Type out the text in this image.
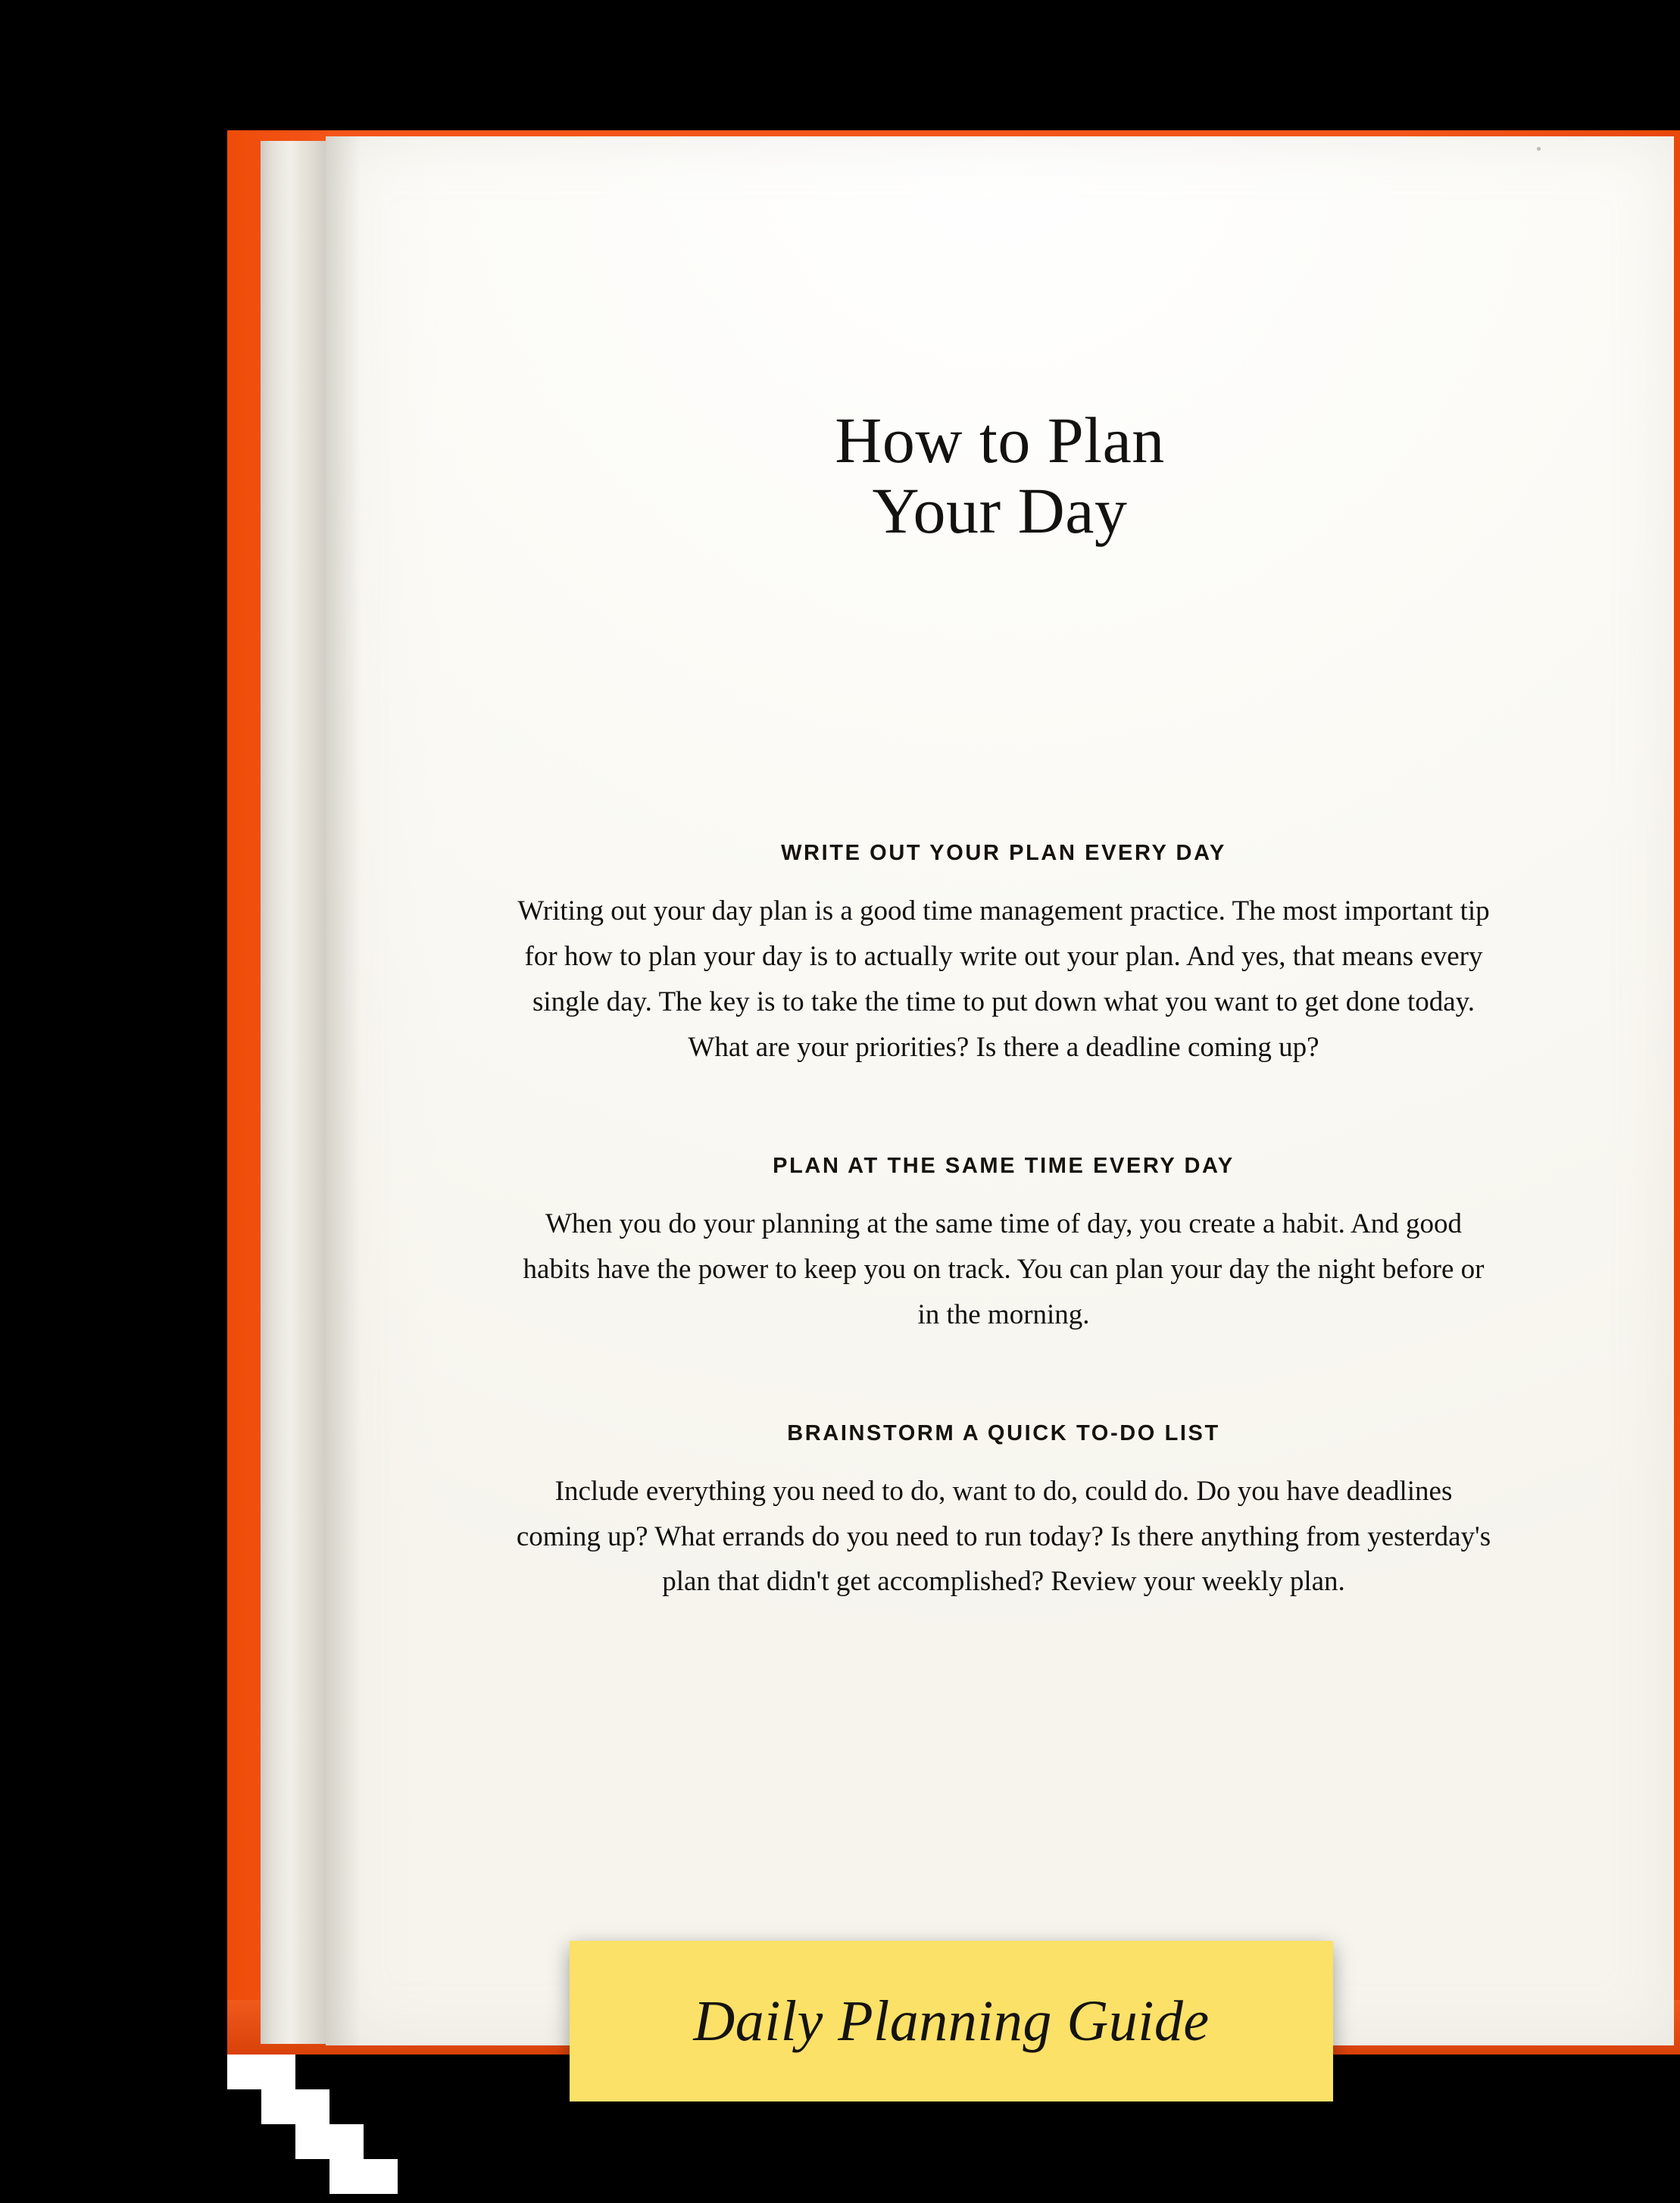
How to Plan
Your Day
WRITE OUT YOUR PLAN EVERY DAY

Writing out your day plan is a good time management practice. The most important tip for how to plan your day is to actually write out your plan. And yes, that means every single day. The key is to take the time to put down what you want to get done today. What are your priorities? Is there a deadline coming up?

PLAN AT THE SAME TIME EVERY DAY

When you do your planning at the same time of day, you create a habit. And good habits have the power to keep you on track. You can plan your day the night before or in the morning.

BRAINSTORM A QUICK TO-DO LIST

Include everything you need to do, want to do, could do. Do you have deadlines coming up? What errands do you need to run today? Is there anything from yesterday's plan that didn't get accomplished? Review your weekly plan.

Daily Planning Guide
